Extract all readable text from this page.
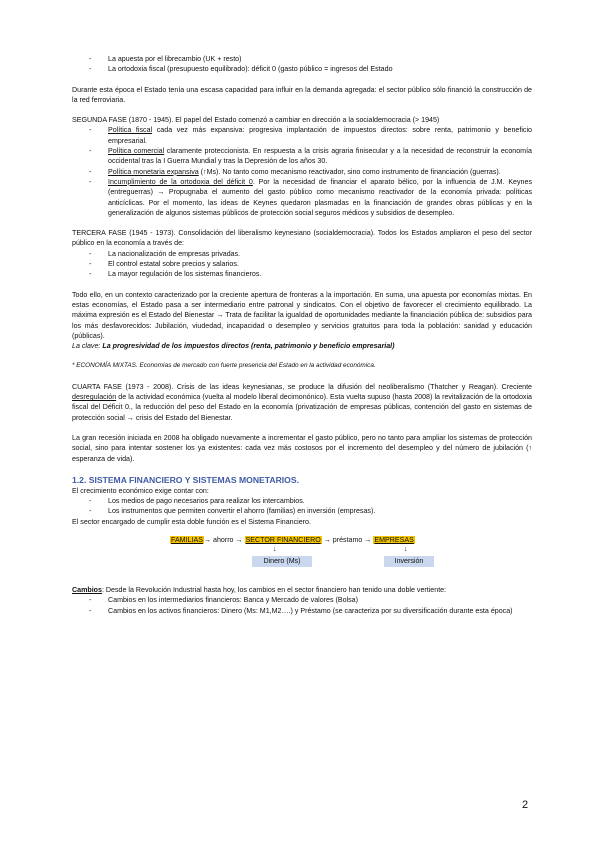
- La apuesta por el librecambio (UK + resto)
- La ortodoxia fiscal (presupuesto equilibrado): déficit 0 (gasto público = ingresos del Estado

Durante esta época el Estado tenía una escasa capacidad para influir en la demanda agregada: el sector público sólo financió la construcción de la red ferroviaria.

SEGUNDA FASE (1870 - 1945). El papel del Estado comenzó a cambiar en dirección a la socialdemocracia (> 1945)

- Política fiscal cada vez más expansiva: progresiva implantación de impuestos directos: sobre renta, patrimonio y beneficio empresarial.
- Política comercial claramente proteccionista. En respuesta a la crisis agraria finisecular y a la necesidad de reconstruir la economía occidental tras la I Guerra Mundial y tras la Depresión de los años 30.
- Política monetaria expansiva (↑Ms). No tanto como mecanismo reactivador, sino como instrumento de financiación (guerras).
- Incumplimiento de la ortodoxia del déficit 0. Por la necesidad de financiar el aparato bélico, por la influencia de J.M. Keynes (entreguerras) → Propugnaba el aumento del gasto público como mecanismo reactivador de la economía privada: políticas anticíclicas. Por el momento, las ideas de Keynes quedaron plasmadas en la financiación de grandes obras públicas y en la generalización de algunos sistemas públicos de protección social seguros médicos y subsidios de desempleo.

TERCERA FASE (1945 - 1973). Consolidación del liberalismo keynesiano (socialdemocracia). Todos los Estados ampliaron el peso del sector público en la economía a través de:

- La nacionalización de empresas privadas.
- El control estatal sobre precios y salarios.
- La mayor regulación de los sistemas financieros.

Todo ello, en un contexto caracterizado por la creciente apertura de fronteras a la importación. En suma, una apuesta por economías mixtas. En estas economías, el Estado pasa a ser intermediario entre patronal y sindicatos. Con el objetivo de favorecer el crecimiento equilibrado. La máxima expresión es el Estado del Bienestar → Trata de facilitar la igualdad de oportunidades mediante la financiación pública de: subsidios para los más desfavorecidos: Jubilación, viudedad, incapacidad o desempleo y servicios gratuitos para toda la población: sanidad y educación (públicas).

La clave: La progresividad de los impuestos directos (renta, patrimonio y beneficio empresarial)

* ECONOMÍA MIXTAS. Economías de mercado con fuerte presencia del Estado en la actividad económica.

CUARTA FASE (1973 - 2008). Crisis de las ideas keynesianas, se produce la difusión del neoliberalismo (Thatcher y Reagan). Creciente desregulación de la actividad económica (vuelta al modelo liberal decimonónico). Esta vuelta supuso (hasta 2008) la revitalización de la ortodoxia fiscal del Déficit 0., la reducción del peso del Estado en la economía (privatización de empresas públicas, contención del gasto en sistemas de protección social → crisis del Estado del Bienestar.

La gran recesión iniciada en 2008 ha obligado nuevamente a incrementar el gasto público, pero no tanto para ampliar los sistemas de protección social, sino para intentar sostener los ya existentes: cada vez más costosos por el incremento del desempleo y del número de jubilación (↑ esperanza de vida).

1.2. SISTEMA FINANCIERO Y SISTEMAS MONETARIOS.

El crecimiento económico exige contar con:

- Los medios de pago necesarios para realizar los intercambios.
- Los instrumentos que permiten convertir el ahorro (familias) en inversión (empresas).

El sector encargado de cumplir esta doble función es el Sistema Financiero.

FAMILIAS→ ahorro → SECTOR FINANCIERO → préstamo → EMPRESAS
↓	↓
Dinero (Ms)	Inversión

Cambios: Desde la Revolución Industrial hasta hoy, los cambios en el sector financiero han tenido una doble vertiente:

- Cambios en los intermediarios financieros: Banca y Mercado de valores (Bolsa)
- Cambios en los activos financieros: Dinero (Ms: M1,M2….) y Préstamo (se caracteriza por su diversificación durante esta época)
2
